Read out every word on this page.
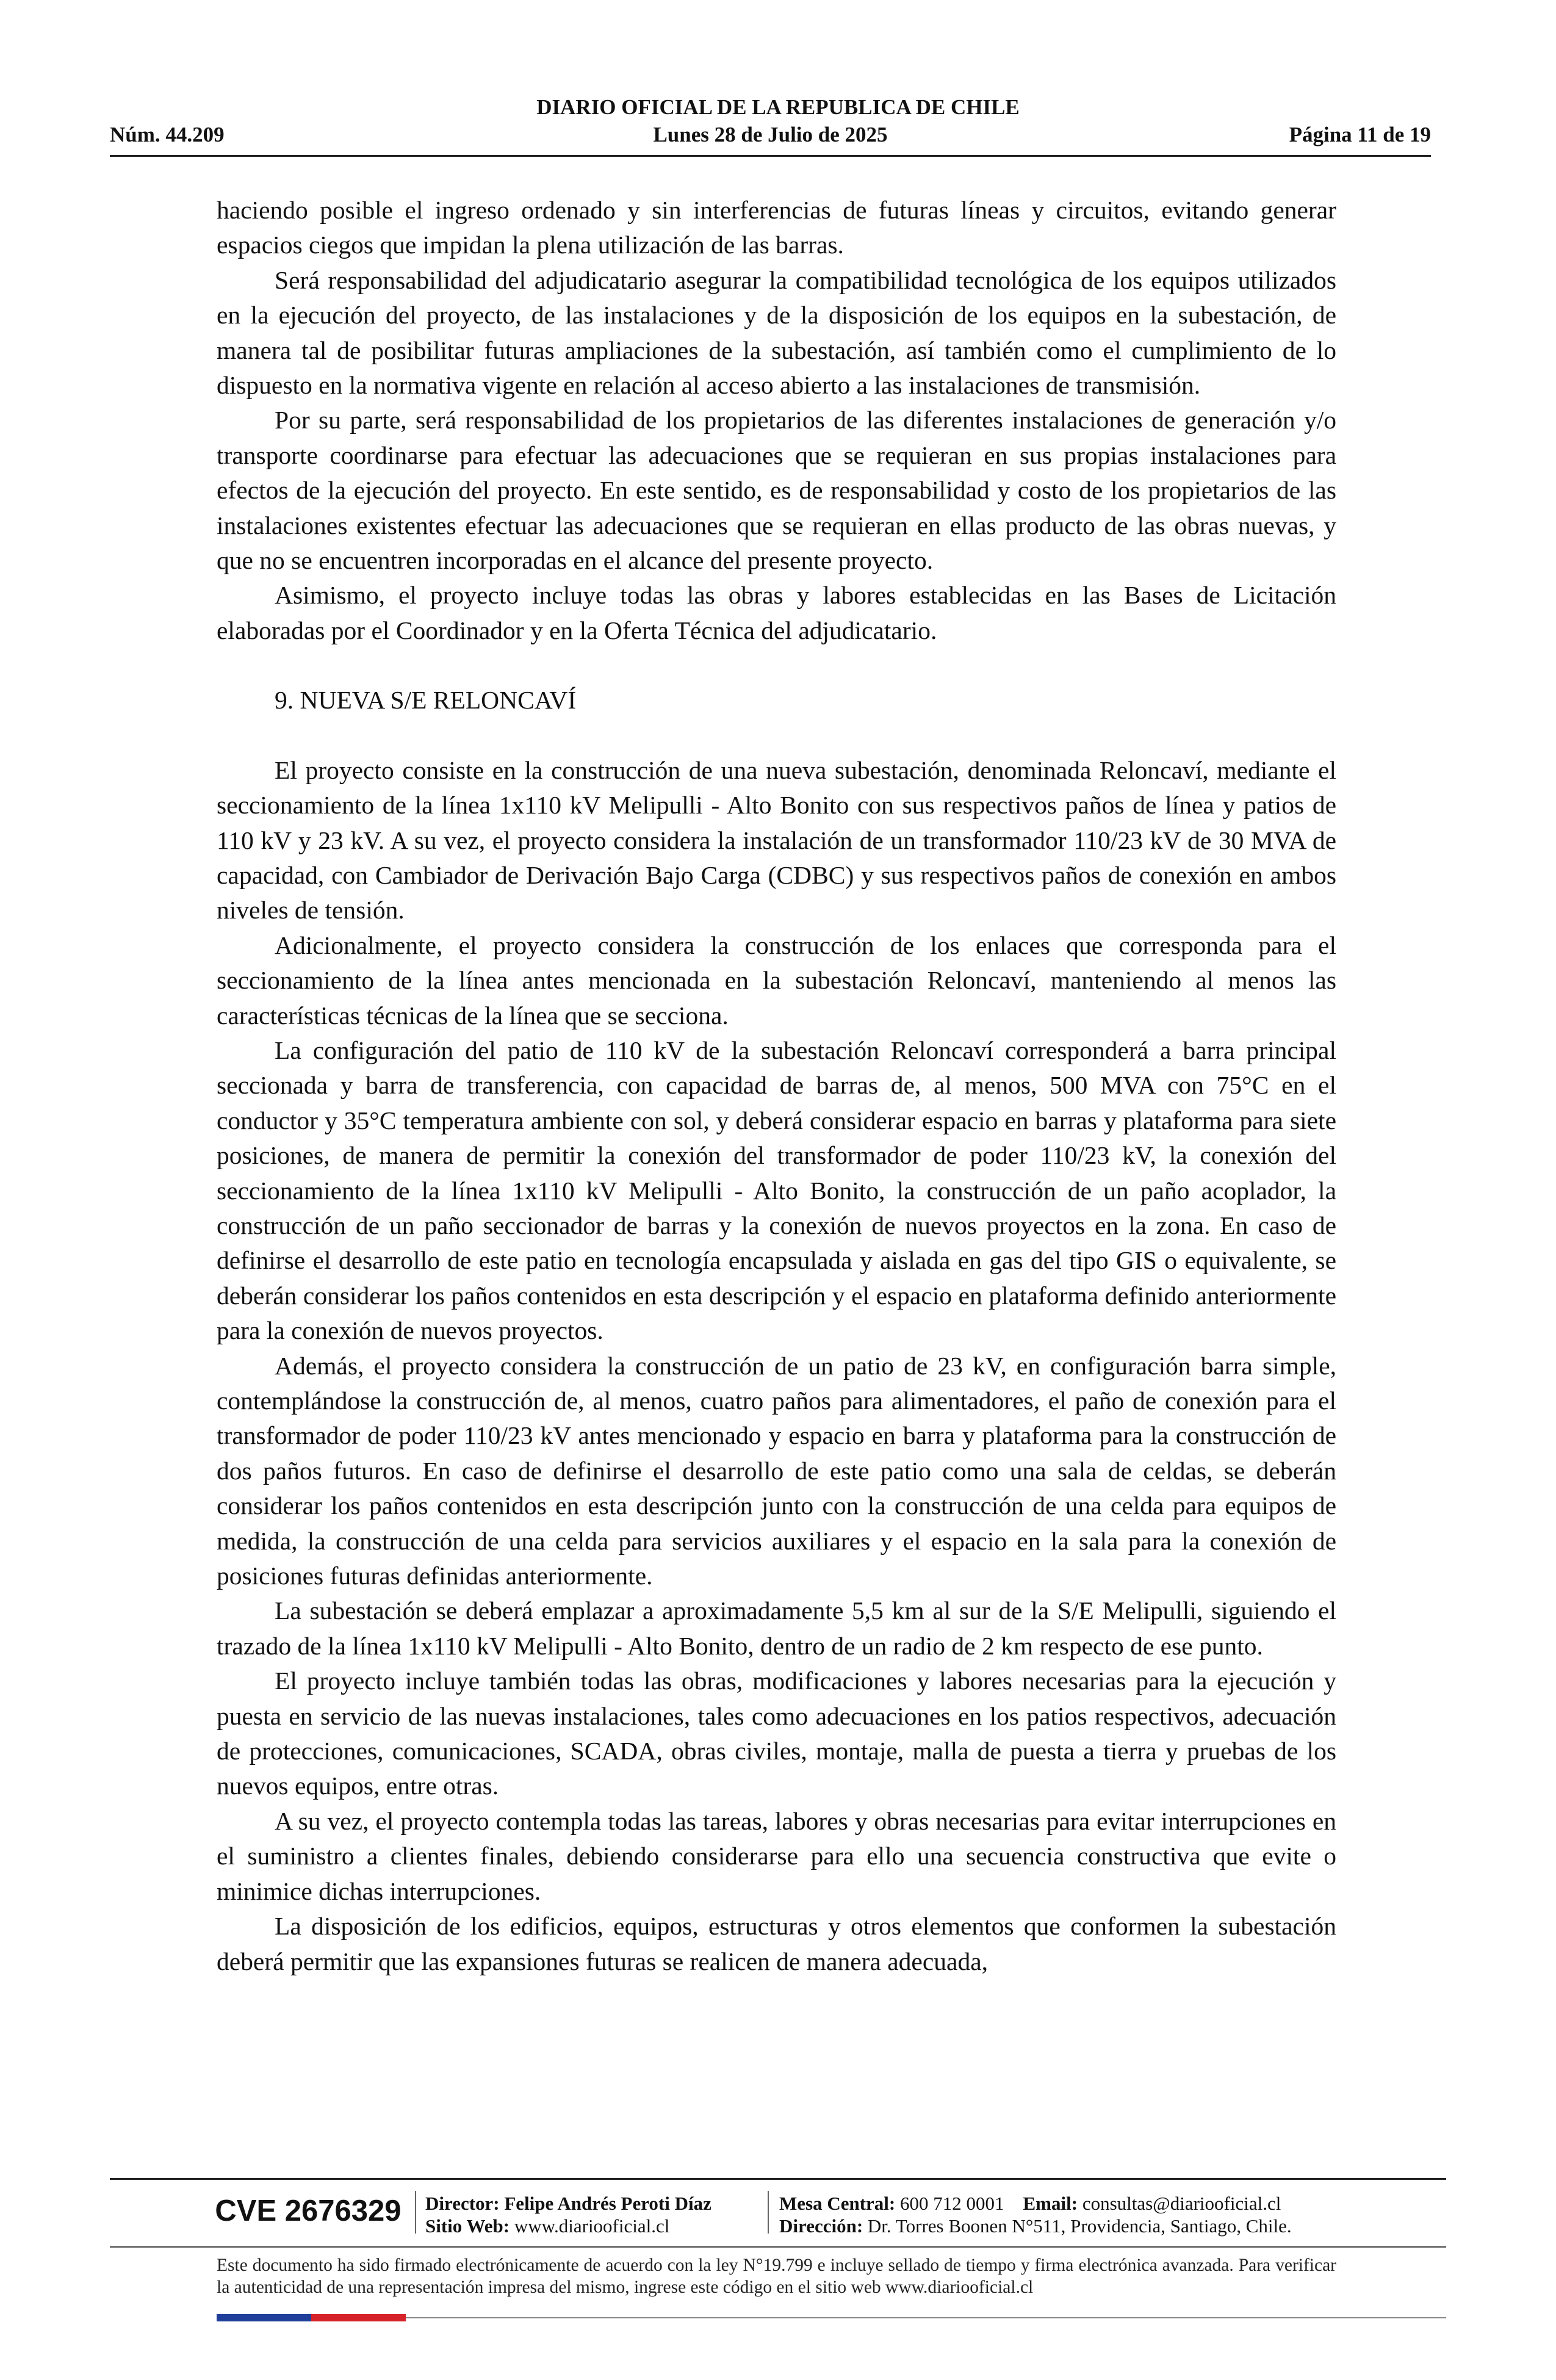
DIARIO OFICIAL DE LA REPUBLICA DE CHILE
Núm. 44.209	Lunes 28 de Julio de 2025	Página 11 de 19

haciendo posible el ingreso ordenado y sin interferencias de futuras líneas y circuitos, evitando generar espacios ciegos que impidan la plena utilización de las barras.

Será responsabilidad del adjudicatario asegurar la compatibilidad tecnológica de los equipos utilizados en la ejecución del proyecto, de las instalaciones y de la disposición de los equipos en la subestación, de manera tal de posibilitar futuras ampliaciones de la subestación, así también como el cumplimiento de lo dispuesto en la normativa vigente en relación al acceso abierto a las instalaciones de transmisión.

Por su parte, será responsabilidad de los propietarios de las diferentes instalaciones de generación y/o transporte coordinarse para efectuar las adecuaciones que se requieran en sus propias instalaciones para efectos de la ejecución del proyecto. En este sentido, es de responsabilidad y costo de los propietarios de las instalaciones existentes efectuar las adecuaciones que se requieran en ellas producto de las obras nuevas, y que no se encuentren incorporadas en el alcance del presente proyecto.

Asimismo, el proyecto incluye todas las obras y labores establecidas en las Bases de Licitación elaboradas por el Coordinador y en la Oferta Técnica del adjudicatario.

9. NUEVA S/E RELONCAVÍ

El proyecto consiste en la construcción de una nueva subestación, denominada Reloncaví, mediante el seccionamiento de la línea 1x110 kV Melipulli - Alto Bonito con sus respectivos paños de línea y patios de 110 kV y 23 kV. A su vez, el proyecto considera la instalación de un transformador 110/23 kV de 30 MVA de capacidad, con Cambiador de Derivación Bajo Carga (CDBC) y sus respectivos paños de conexión en ambos niveles de tensión.

Adicionalmente, el proyecto considera la construcción de los enlaces que corresponda para el seccionamiento de la línea antes mencionada en la subestación Reloncaví, manteniendo al menos las características técnicas de la línea que se secciona.

La configuración del patio de 110 kV de la subestación Reloncaví corresponderá a barra principal seccionada y barra de transferencia, con capacidad de barras de, al menos, 500 MVA con 75°C en el conductor y 35°C temperatura ambiente con sol, y deberá considerar espacio en barras y plataforma para siete posiciones, de manera de permitir la conexión del transformador de poder 110/23 kV, la conexión del seccionamiento de la línea 1x110 kV Melipulli - Alto Bonito, la construcción de un paño acoplador, la construcción de un paño seccionador de barras y la conexión de nuevos proyectos en la zona. En caso de definirse el desarrollo de este patio en tecnología encapsulada y aislada en gas del tipo GIS o equivalente, se deberán considerar los paños contenidos en esta descripción y el espacio en plataforma definido anteriormente para la conexión de nuevos proyectos.

Además, el proyecto considera la construcción de un patio de 23 kV, en configuración barra simple, contemplándose la construcción de, al menos, cuatro paños para alimentadores, el paño de conexión para el transformador de poder 110/23 kV antes mencionado y espacio en barra y plataforma para la construcción de dos paños futuros. En caso de definirse el desarrollo de este patio como una sala de celdas, se deberán considerar los paños contenidos en esta descripción junto con la construcción de una celda para equipos de medida, la construcción de una celda para servicios auxiliares y el espacio en la sala para la conexión de posiciones futuras definidas anteriormente.

La subestación se deberá emplazar a aproximadamente 5,5 km al sur de la S/E Melipulli, siguiendo el trazado de la línea 1x110 kV Melipulli - Alto Bonito, dentro de un radio de 2 km respecto de ese punto.

El proyecto incluye también todas las obras, modificaciones y labores necesarias para la ejecución y puesta en servicio de las nuevas instalaciones, tales como adecuaciones en los patios respectivos, adecuación de protecciones, comunicaciones, SCADA, obras civiles, montaje, malla de puesta a tierra y pruebas de los nuevos equipos, entre otras.

A su vez, el proyecto contempla todas las tareas, labores y obras necesarias para evitar interrupciones en el suministro a clientes finales, debiendo considerarse para ello una secuencia constructiva que evite o minimice dichas interrupciones.

La disposición de los edificios, equipos, estructuras y otros elementos que conformen la subestación deberá permitir que las expansiones futuras se realicen de manera adecuada,

CVE 2676329	Director: Felipe Andrés Peroti Díaz
Sitio Web: www.diariooficial.cl
Mesa Central: 600 712 0001 Email: consultas@diariooficial.cl
Dirección: Dr. Torres Boonen N°511, Providencia, Santiago, Chile.
Este documento ha sido firmado electrónicamente de acuerdo con la ley N°19.799 e incluye sellado de tiempo y firma electrónica avanzada. Para verificar la autenticidad de una representación impresa del mismo, ingrese este código en el sitio web www.diariooficial.cl
